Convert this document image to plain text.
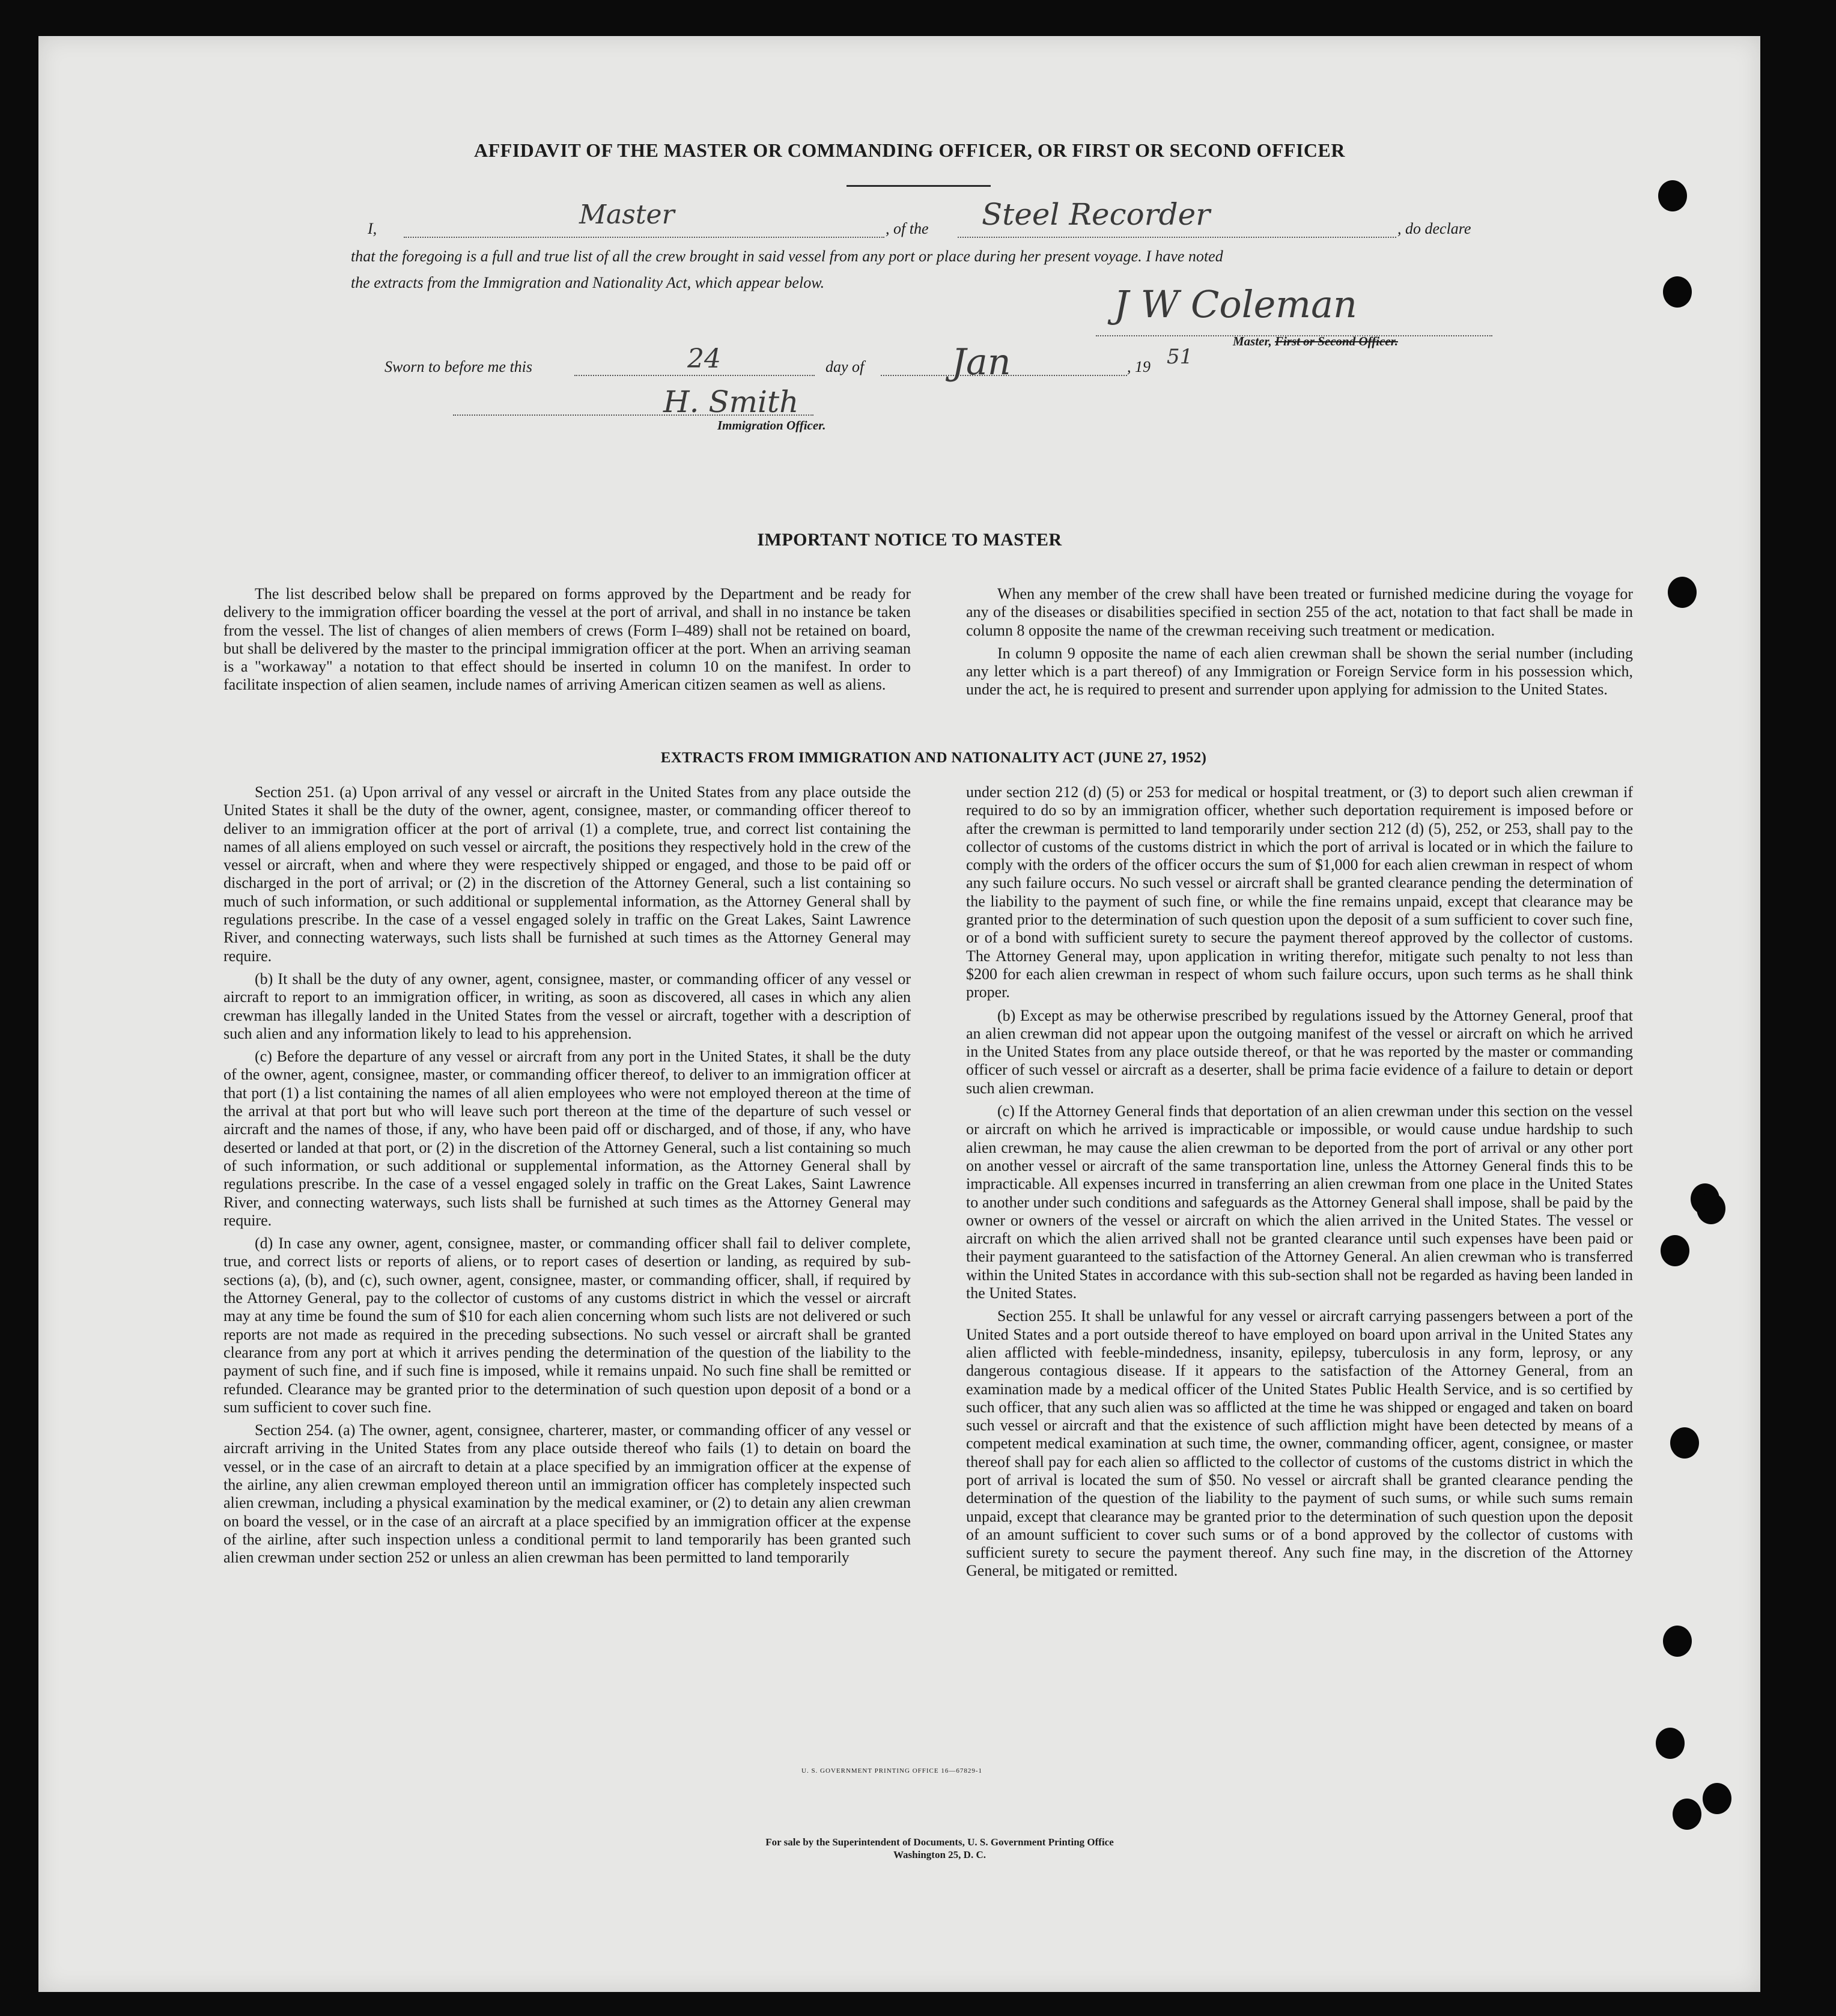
AFFIDAVIT OF THE MASTER OR COMMANDING OFFICER, OR FIRST OR SECOND OFFICER
I,	Master	, of the Steel Recorder	, do declare
that the foregoing is a full and true list of all the crew brought in said vessel from any port or place during her present voyage. I have noted
the extracts from the Immigration and Nationality Act, which appear below.	J W Coleman
Master, First or Second Officer.
Sworn to before me this	24	day of Jan	, 19 51
H. Smith
Immigration Officer.
IMPORTANT NOTICE TO MASTER

The list described below shall be prepared on forms approved by the Department and be ready for delivery to the immigration officer boarding the vessel at the port of arrival, and shall in no instance be taken from the vessel. The list of changes of alien members of crews (Form I–489) shall not be retained on board, but shall be delivered by the master to the principal immigration officer at the port. When an arriving seaman is a "workaway" a notation to that effect should be inserted in column 10 on the manifest. In order to facilitate inspection of alien seamen, include names of arriving American citizen seamen as well as aliens.

When any member of the crew shall have been treated or furnished medicine during the voyage for any of the diseases or disabilities specified in section 255 of the act, notation to that fact shall be made in column 8 opposite the name of the crewman receiving such treatment or medication.

In column 9 opposite the name of each alien crewman shall be shown the serial number (including any letter which is a part thereof) of any Immigration or Foreign Service form in his possession which, under the act, he is required to present and surrender upon applying for admission to the United States.

EXTRACTS FROM IMMIGRATION AND NATIONALITY ACT (JUNE 27, 1952)

Section 251. (a) Upon arrival of any vessel or aircraft in the United States from any place outside the United States it shall be the duty of the owner, agent, consignee, master, or commanding officer thereof to deliver to an immigration officer at the port of arrival (1) a complete, true, and correct list containing the names of all aliens employed on such vessel or aircraft, the positions they respectively hold in the crew of the vessel or aircraft, when and where they were respectively shipped or engaged, and those to be paid off or discharged in the port of arrival; or (2) in the discretion of the Attorney General, such a list containing so much of such information, or such additional or supplemental information, as the Attorney General shall by regulations prescribe. In the case of a vessel engaged solely in traffic on the Great Lakes, Saint Lawrence River, and connecting waterways, such lists shall be furnished at such times as the Attorney General may require.

(b) It shall be the duty of any owner, agent, consignee, master, or commanding officer of any vessel or aircraft to report to an immigration officer, in writing, as soon as discovered, all cases in which any alien crewman has illegally landed in the United States from the vessel or aircraft, together with a description of such alien and any information likely to lead to his apprehension.

(c) Before the departure of any vessel or aircraft from any port in the United States, it shall be the duty of the owner, agent, consignee, master, or commanding officer thereof, to deliver to an immigration officer at that port (1) a list containing the names of all alien employees who were not employed thereon at the time of the arrival at that port but who will leave such port thereon at the time of the departure of such vessel or aircraft and the names of those, if any, who have been paid off or discharged, and of those, if any, who have deserted or landed at that port, or (2) in the discretion of the Attorney General, such a list containing so much of such information, or such additional or supplemental information, as the Attorney General shall by regulations prescribe. In the case of a vessel engaged solely in traffic on the Great Lakes, Saint Lawrence River, and connecting waterways, such lists shall be furnished at such times as the Attorney General may require.

(d) In case any owner, agent, consignee, master, or commanding officer shall fail to deliver complete, true, and correct lists or reports of aliens, or to report cases of desertion or landing, as required by sub-sections (a), (b), and (c), such owner, agent, consignee, master, or commanding officer, shall, if required by the Attorney General, pay to the collector of customs of any customs district in which the vessel or aircraft may at any time be found the sum of $10 for each alien concerning whom such lists are not delivered or such reports are not made as required in the preceding subsections. No such vessel or aircraft shall be granted clearance from any port at which it arrives pending the determination of the question of the liability to the payment of such fine, and if such fine is imposed, while it remains unpaid. No such fine shall be remitted or refunded. Clearance may be granted prior to the determination of such question upon deposit of a bond or a sum sufficient to cover such fine.

Section 254. (a) The owner, agent, consignee, charterer, master, or commanding officer of any vessel or aircraft arriving in the United States from any place outside thereof who fails (1) to detain on board the vessel, or in the case of an aircraft to detain at a place specified by an immigration officer at the expense of the airline, any alien crewman employed thereon until an immigration officer has completely inspected such alien crewman, including a physical examination by the medical examiner, or (2) to detain any alien crewman on board the vessel, or in the case of an aircraft at a place specified by an immigration officer at the expense of the airline, after such inspection unless a conditional permit to land temporarily has been granted such alien crewman under section 252 or unless an alien crewman has been permitted to land temporarily

under section 212 (d) (5) or 253 for medical or hospital treatment, or (3) to deport such alien crewman if required to do so by an immigration officer, whether such deportation requirement is imposed before or after the crewman is permitted to land temporarily under section 212 (d) (5), 252, or 253, shall pay to the collector of customs of the customs district in which the port of arrival is located or in which the failure to comply with the orders of the officer occurs the sum of $1,000 for each alien crewman in respect of whom any such failure occurs. No such vessel or aircraft shall be granted clearance pending the determination of the liability to the payment of such fine, or while the fine remains unpaid, except that clearance may be granted prior to the determination of such question upon the deposit of a sum sufficient to cover such fine, or of a bond with sufficient surety to secure the payment thereof approved by the collector of customs. The Attorney General may, upon application in writing therefor, mitigate such penalty to not less than $200 for each alien crewman in respect of whom such failure occurs, upon such terms as he shall think proper.

(b) Except as may be otherwise prescribed by regulations issued by the Attorney General, proof that an alien crewman did not appear upon the outgoing manifest of the vessel or aircraft on which he arrived in the United States from any place outside thereof, or that he was reported by the master or commanding officer of such vessel or aircraft as a deserter, shall be prima facie evidence of a failure to detain or deport such alien crewman.

(c) If the Attorney General finds that deportation of an alien crewman under this section on the vessel or aircraft on which he arrived is impracticable or impossible, or would cause undue hardship to such alien crewman, he may cause the alien crewman to be deported from the port of arrival or any other port on another vessel or aircraft of the same transportation line, unless the Attorney General finds this to be impracticable. All expenses incurred in transferring an alien crewman from one place in the United States to another under such conditions and safeguards as the Attorney General shall impose, shall be paid by the owner or owners of the vessel or aircraft on which the alien arrived in the United States. The vessel or aircraft on which the alien arrived shall not be granted clearance until such expenses have been paid or their payment guaranteed to the satisfaction of the Attorney General. An alien crewman who is transferred within the United States in accordance with this sub-section shall not be regarded as having been landed in the United States.

Section 255. It shall be unlawful for any vessel or aircraft carrying passengers between a port of the United States and a port outside thereof to have employed on board upon arrival in the United States any alien afflicted with feeble-mindedness, insanity, epilepsy, tuberculosis in any form, leprosy, or any dangerous contagious disease. If it appears to the satisfaction of the Attorney General, from an examination made by a medical officer of the United States Public Health Service, and is so certified by such officer, that any such alien was so afflicted at the time he was shipped or engaged and taken on board such vessel or aircraft and that the existence of such affliction might have been detected by means of a competent medical examination at such time, the owner, commanding officer, agent, consignee, or master thereof shall pay for each alien so afflicted to the collector of customs of the customs district in which the port of arrival is located the sum of $50. No vessel or aircraft shall be granted clearance pending the determination of the question of the liability to the payment of such sums, or while such sums remain unpaid, except that clearance may be granted prior to the determination of such question upon the deposit of an amount sufficient to cover such sums or of a bond approved by the collector of customs with sufficient surety to secure the payment thereof. Any such fine may, in the discretion of the Attorney General, be mitigated or remitted.

U. S. GOVERNMENT PRINTING OFFICE 16—67829-1
For sale by the Superintendent of Documents, U. S. Government Printing Office
Washington 25, D. C.
